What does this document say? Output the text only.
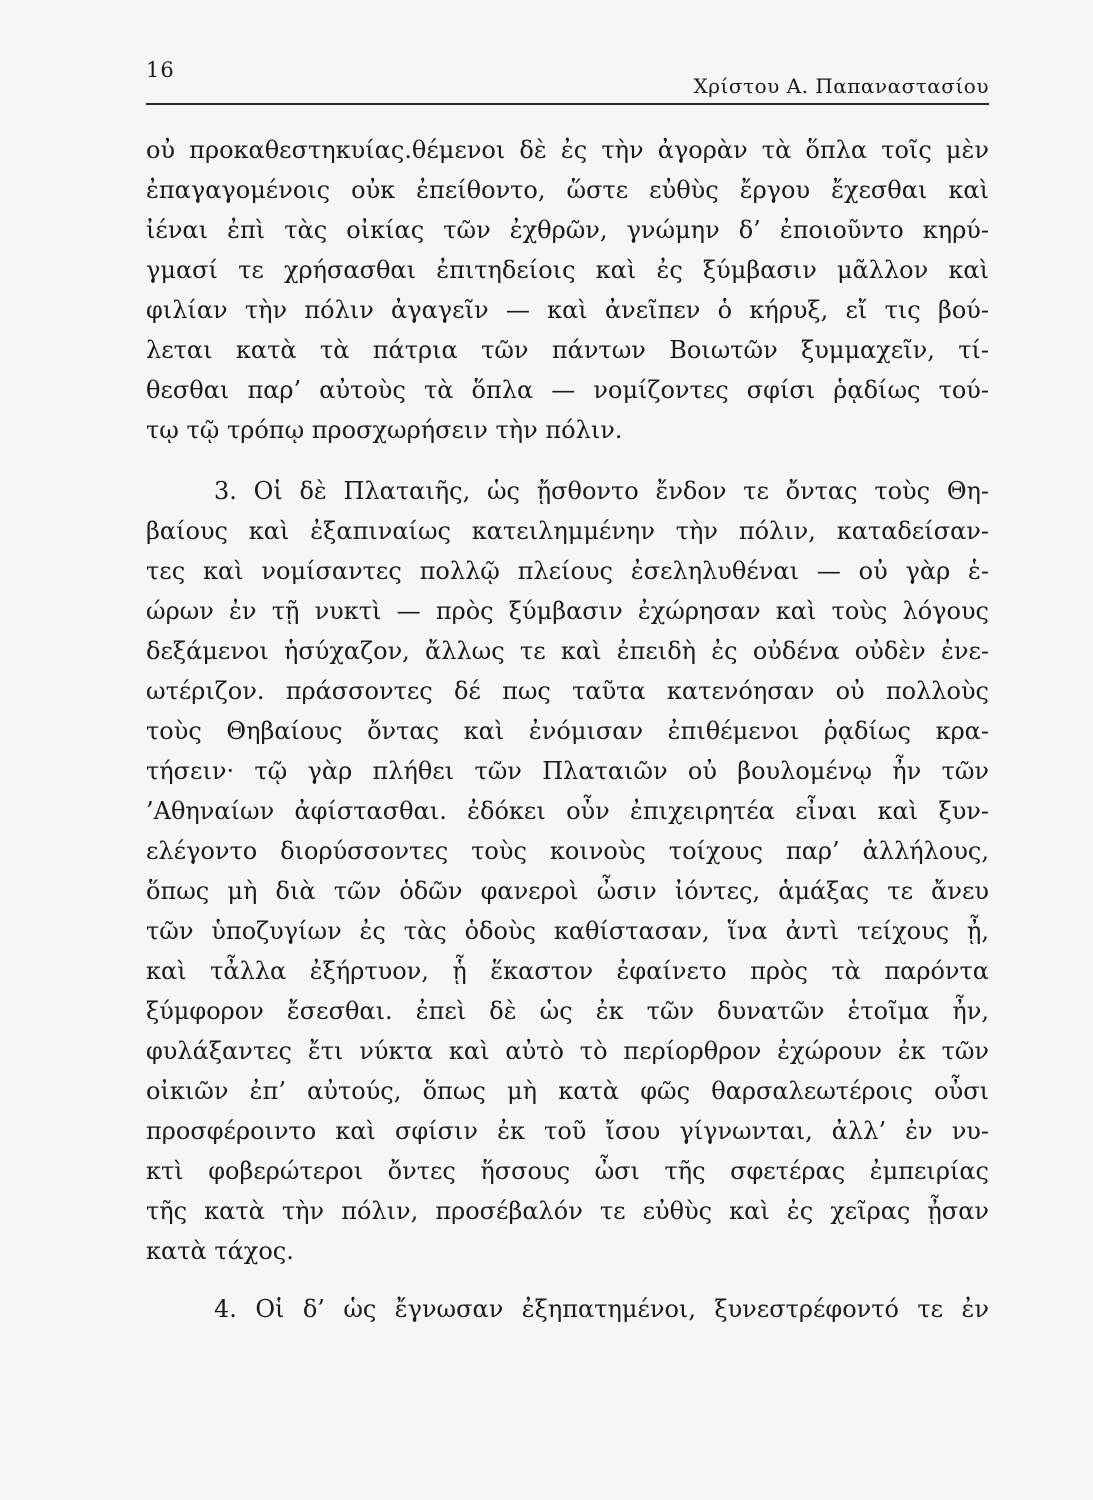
16
Χρίστου Α. Παπαναστασίου
οὐ προκαθεστηκυίας.θέμενοι δὲ ἐς τὴν ἀγορὰν τὰ ὅπλα τοῖς μὲν
ἐπαγαγομένοις οὐκ ἐπείθοντο, ὥστε εὐθὺς ἔργου ἔχεσθαι καὶ
ἰέναι ἐπὶ τὰς οἰκίας τῶν ἐχθρῶν, γνώμην δ’ ἐποιοῦντο κηρύ-
γμασί τε χρήσασθαι ἐπιτηδείοις καὶ ἐς ξύμβασιν μᾶλλον καὶ
φιλίαν τὴν πόλιν ἀγαγεῖν — καὶ ἀνεῖπεν ὁ κήρυξ, εἴ τις βού-
λεται κατὰ τὰ πάτρια τῶν πάντων Βοιωτῶν ξυμμαχεῖν, τί-
θεσθαι παρ’ αὐτοὺς τὰ ὅπλα — νομίζοντες σφίσι ῥᾳδίως τού-
τῳ τῷ τρόπῳ προσχωρήσειν τὴν πόλιν.
3. Οἱ δὲ Πλαταιῆς, ὡς ᾔσθοντο ἔνδον τε ὄντας τοὺς Θη-
βαίους καὶ ἐξαπιναίως κατειλημμένην τὴν πόλιν, καταδείσαν-
τες καὶ νομίσαντες πολλῷ πλείους ἐσεληλυθέναι — οὐ γὰρ ἑ-
ώρων ἐν τῇ νυκτὶ — πρὸς ξύμβασιν ἐχώρησαν καὶ τοὺς λόγους
δεξάμενοι ἡσύχαζον, ἄλλως τε καὶ ἐπειδὴ ἐς οὐδένα οὐδὲν ἐνε-
ωτέριζον. πράσσοντες δέ πως ταῦτα κατενόησαν οὐ πολλοὺς
τοὺς Θηβαίους ὄντας καὶ ἐνόμισαν ἐπιθέμενοι ῥᾳδίως κρα-
τήσειν· τῷ γὰρ πλήθει τῶν Πλαταιῶν οὐ βουλομένῳ ἦν τῶν
’Αθηναίων ἀφίστασθαι. ἐδόκει οὖν ἐπιχειρητέα εἶναι καὶ ξυν-
ελέγοντο διορύσσοντες τοὺς κοινοὺς τοίχους παρ’ ἀλλήλους,
ὅπως μὴ διὰ τῶν ὁδῶν φανεροὶ ὦσιν ἰόντες, ἁμάξας τε ἄνευ
τῶν ὑποζυγίων ἐς τὰς ὁδοὺς καθίστασαν, ἵνα ἀντὶ τείχους ᾖ,
καὶ τἆλλα ἐξήρτυον, ᾗ ἕκαστον ἐφαίνετο πρὸς τὰ παρόντα
ξύμφορον ἔσεσθαι. ἐπεὶ δὲ ὡς ἐκ τῶν δυνατῶν ἑτοῖμα ἦν,
φυλάξαντες ἔτι νύκτα καὶ αὐτὸ τὸ περίορθρον ἐχώρουν ἐκ τῶν
οἰκιῶν ἐπ’ αὐτούς, ὅπως μὴ κατὰ φῶς θαρσαλεωτέροις οὖσι
προσφέροιντο καὶ σφίσιν ἐκ τοῦ ἴσου γίγνωνται, ἀλλ’ ἐν νυ-
κτὶ φοβερώτεροι ὄντες ἥσσους ὦσι τῆς σφετέρας ἐμπειρίας
τῆς κατὰ τὴν πόλιν, προσέβαλόν τε εὐθὺς καὶ ἐς χεῖρας ᾖσαν
κατὰ τάχος.
4. Οἱ δ’ ὡς ἔγνωσαν ἐξηπατημένοι, ξυνεστρέφοντό τε ἐν
